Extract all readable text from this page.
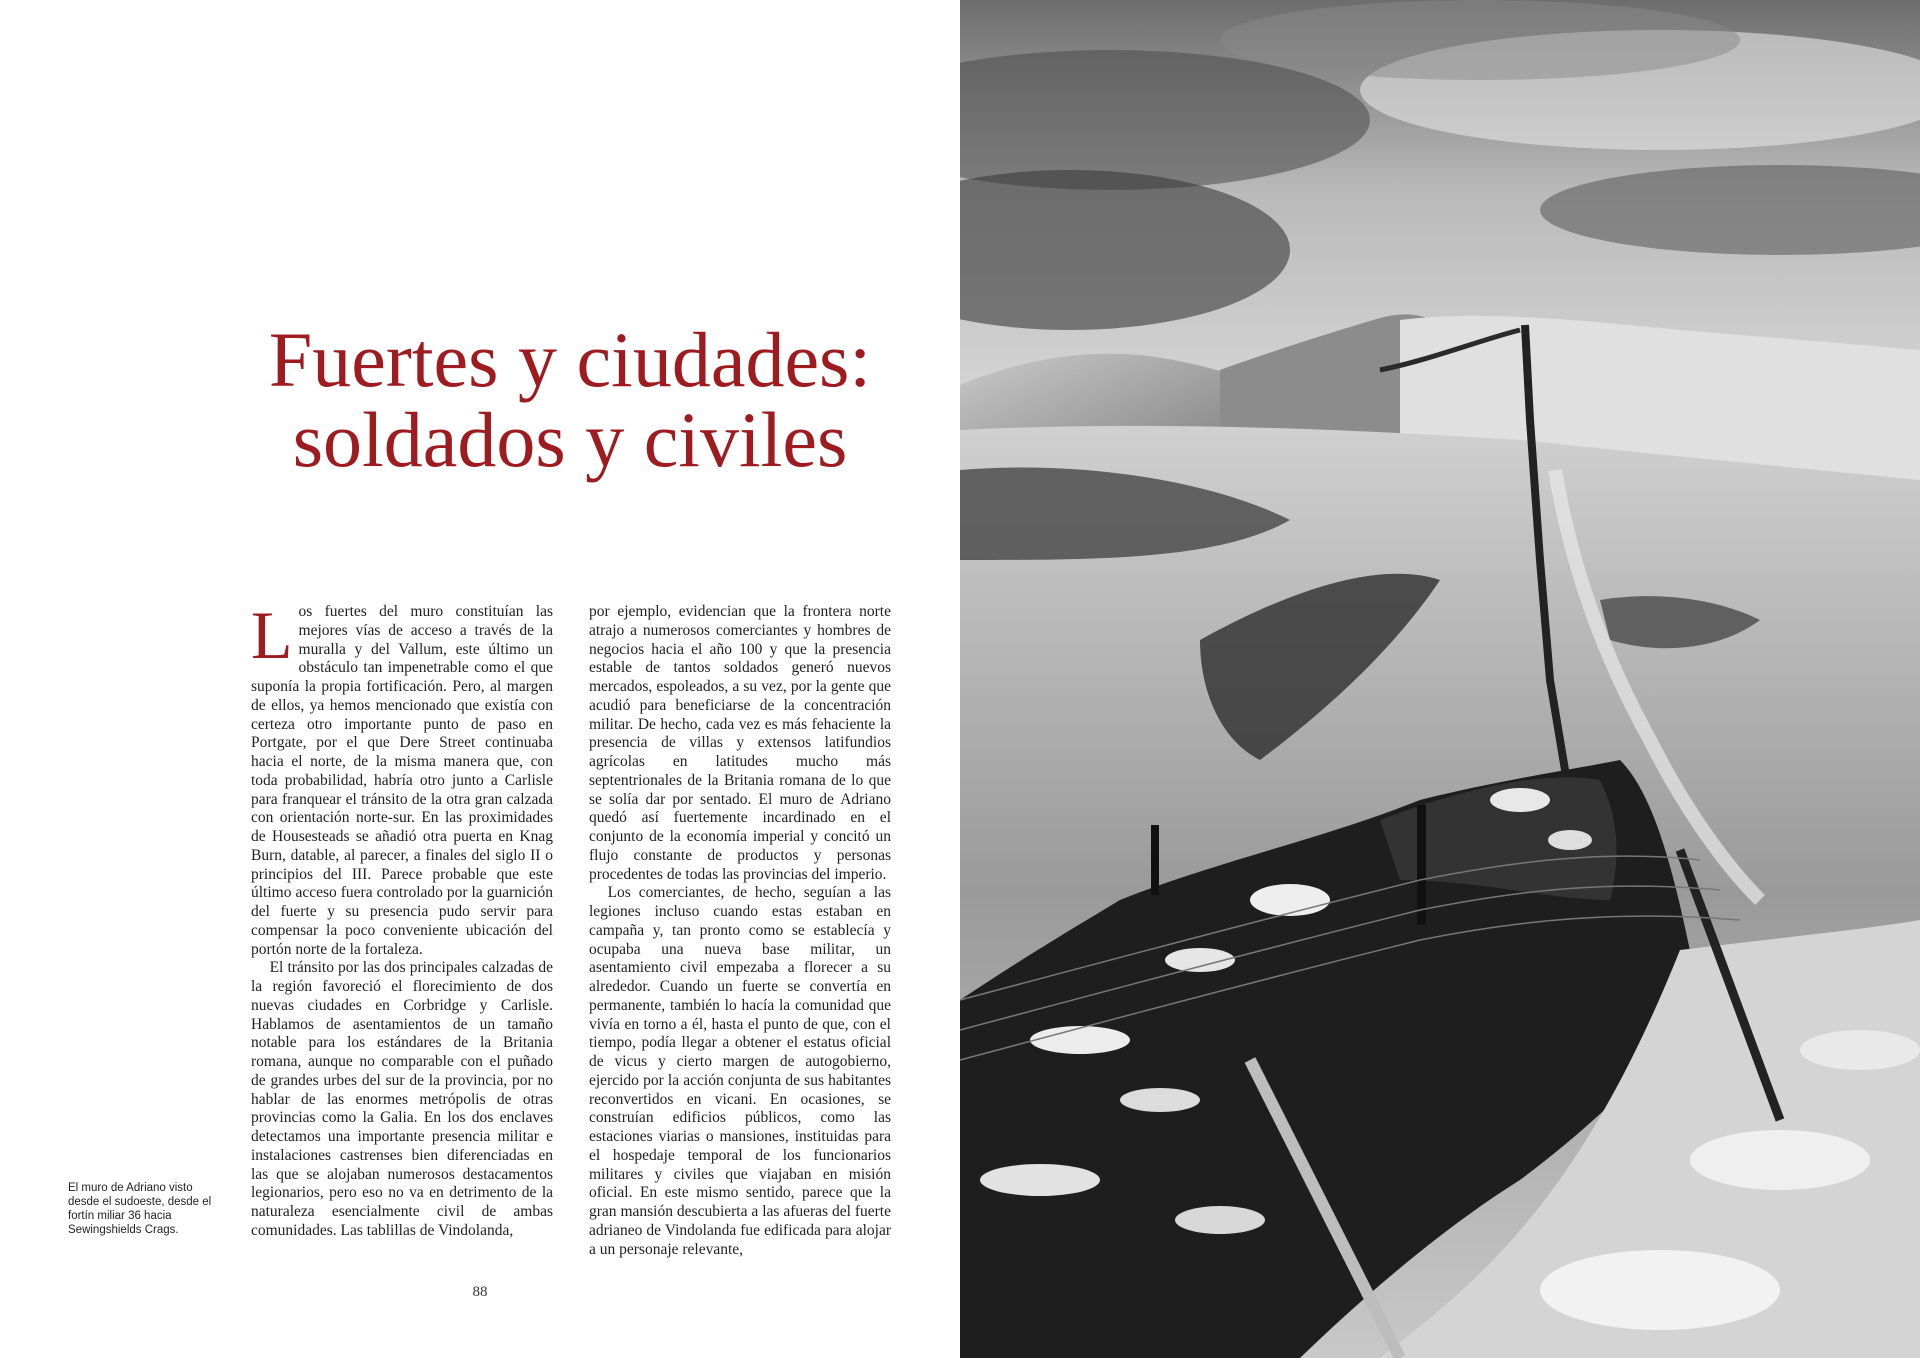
Fuertes y ciudades:
soldados y civiles

Los fuertes del muro constituían las mejores vías de acceso a través de la muralla y del Vallum, este último un obstáculo tan impenetrable como el que suponía la propia fortificación. Pero, al margen de ellos, ya hemos mencionado que existía con certeza otro importante punto de paso en Portgate, por el que Dere Street continuaba hacia el norte, de la misma manera que, con toda probabilidad, habría otro junto a Carlisle para franquear el tránsito de la otra gran calzada con orientación norte-sur. En las proximidades de Housesteads se añadió otra puerta en Knag Burn, datable, al parecer, a finales del siglo II o principios del III. Parece probable que este último acceso fuera controlado por la guarnición del fuerte y su presencia pudo servir para compensar la poco conveniente ubicación del portón norte de la fortaleza.

El tránsito por las dos principales calzadas de la región favoreció el florecimiento de dos nuevas ciudades en Corbridge y Carlisle. Hablamos de asentamientos de un tamaño notable para los estándares de la Britania romana, aunque no comparable con el puñado de grandes urbes del sur de la provincia, por no hablar de las enormes metrópolis de otras provincias como la Galia. En los dos enclaves detectamos una importante presencia militar e instalaciones castrenses bien diferenciadas en las que se alojaban numerosos destacamentos legionarios, pero eso no va en detrimento de la naturaleza esencialmente civil de ambas comunidades. Las tablillas de Vindolanda,

por ejemplo, evidencian que la frontera norte atrajo a numerosos comerciantes y hombres de negocios hacia el año 100 y que la presencia estable de tantos soldados generó nuevos mercados, espoleados, a su vez, por la gente que acudió para beneficiarse de la concentración militar. De hecho, cada vez es más fehaciente la presencia de villas y extensos latifundios agrícolas en latitudes mucho más septentrionales de la Britania romana de lo que se solía dar por sentado. El muro de Adriano quedó así fuertemente incardinado en el conjunto de la economía imperial y concitó un flujo constante de productos y personas procedentes de todas las provincias del imperio.

Los comerciantes, de hecho, seguían a las legiones incluso cuando estas estaban en campaña y, tan pronto como se establecía y ocupaba una nueva base militar, un asentamiento civil empezaba a florecer a su alrededor. Cuando un fuerte se convertía en permanente, también lo hacía la comunidad que vivía en torno a él, hasta el punto de que, con el tiempo, podía llegar a obtener el estatus oficial de vicus y cierto margen de autogobierno, ejercido por la acción conjunta de sus habitantes reconvertidos en vicani. En ocasiones, se construían edificios públicos, como las estaciones viarias o mansiones, instituidas para el hospedaje temporal de los funcionarios militares y civiles que viajaban en misión oficial. En este mismo sentido, parece que la gran mansión descubierta a las afueras del fuerte adrianeo de Vindolanda fue edificada para alojar a un personaje relevante,

El muro de Adriano visto desde el sudoeste, desde el fortín miliar 36 hacia Sewingshields Crags.
88
